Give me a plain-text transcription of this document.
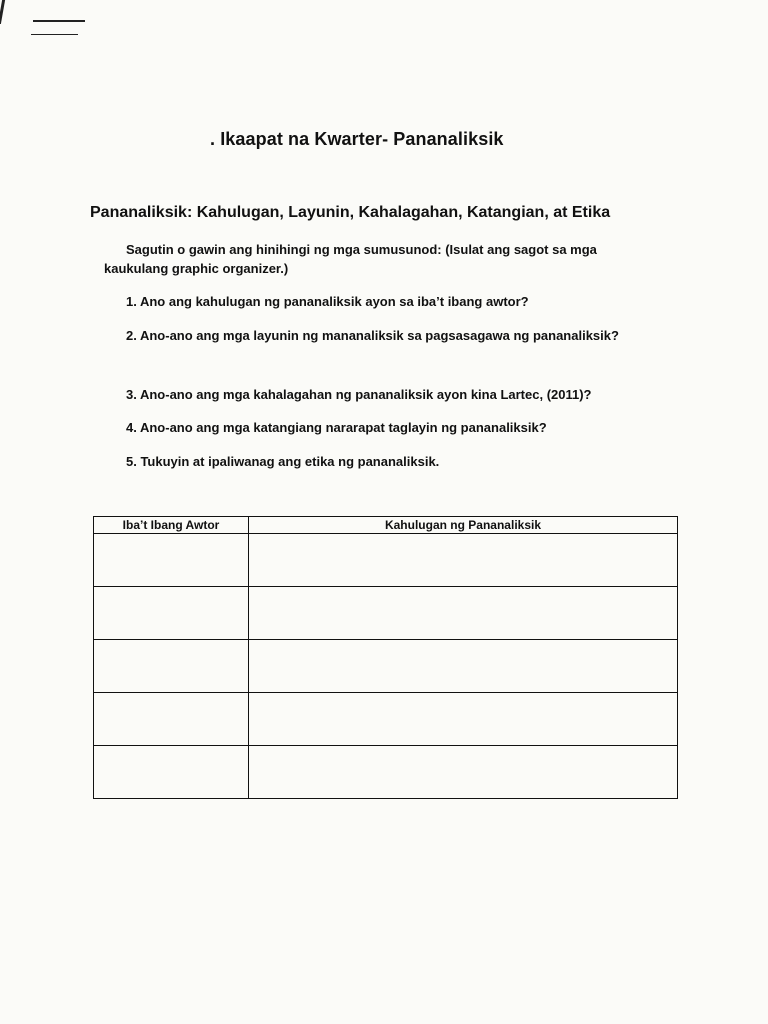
. Ikaapat na Kwarter- Pananaliksik
Pananaliksik: Kahulugan, Layunin, Kahalagahan, Katangian, at Etika
Sagutin o gawin ang hinihingi ng mga sumusunod: (Isulat ang sagot sa mga kaukulang graphic organizer.)
1. Ano ang kahulugan ng pananaliksik ayon sa iba’t ibang awtor?
2. Ano-ano ang mga layunin ng mananaliksik sa pagsasagawa ng pananaliksik?
3. Ano-ano ang mga kahalagahan ng pananaliksik ayon kina Lartec, (2011)?
4. Ano-ano ang mga katangiang nararapat taglayin ng pananaliksik?
5. Tukuyin at ipaliwanag ang etika ng pananaliksik.
Iba’t Ibang Awtor	Kahulugan ng Pananaliksik
